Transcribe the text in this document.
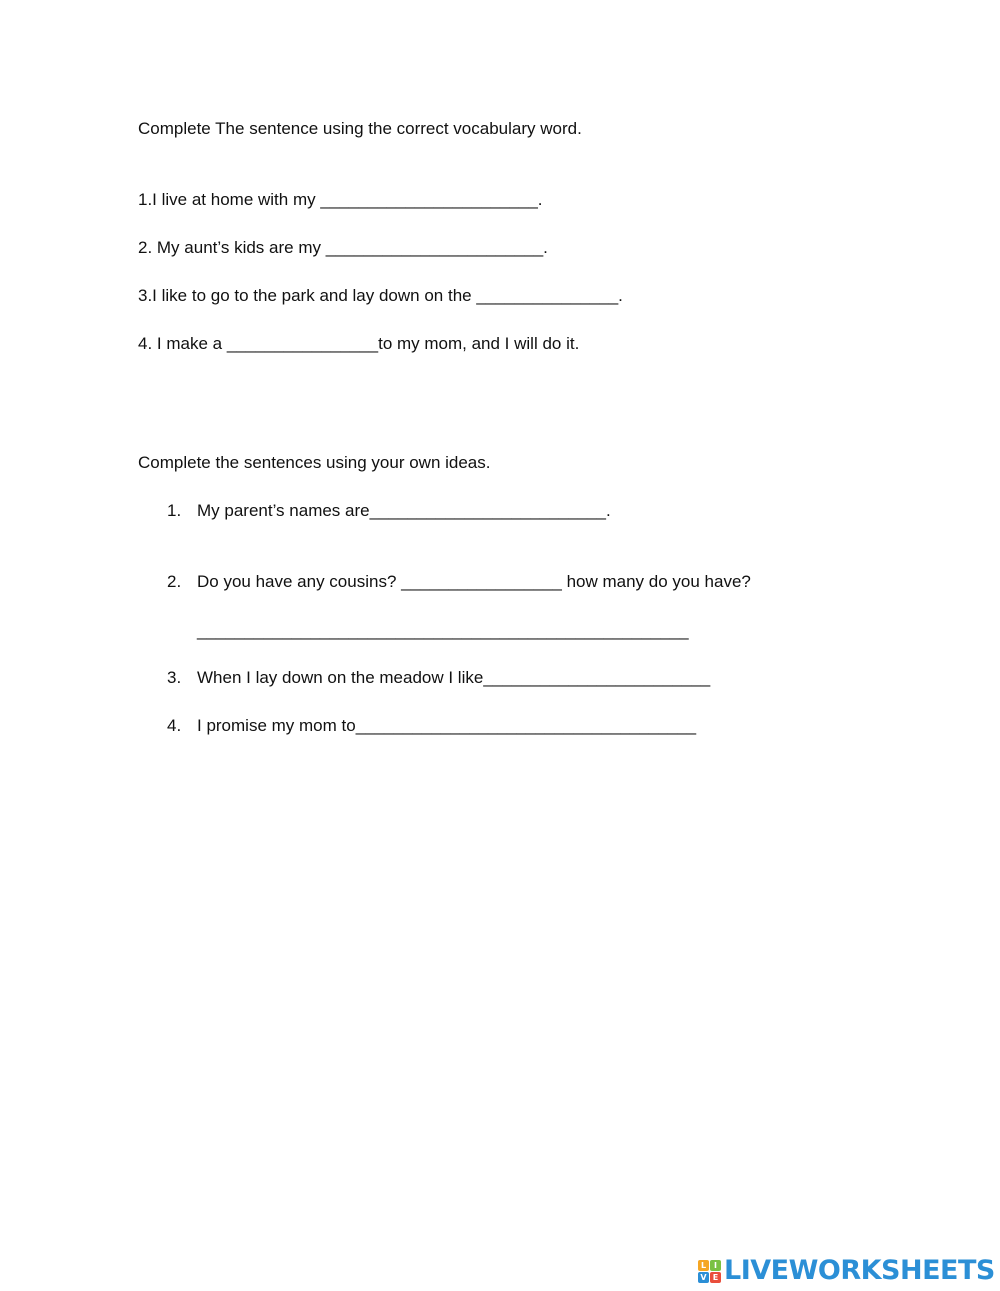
Complete The sentence using the correct vocabulary word.

1.I live at home with my _______________________.

2. My aunt’s kids are my _______________________.

3.I like to go to the park and lay down on the _______________.

4. I make a ________________to my mom, and I will do it.

Complete the sentences using your own ideas.

1. My parent’s names are_________________________.
2. Do you have any cousins? _________________ how many do you have?
____________________________________________________
3. When I lay down on the meadow I like________________________
4. I promise my mom to____________________________________
L I
V E LIVEWORKSHEETS
